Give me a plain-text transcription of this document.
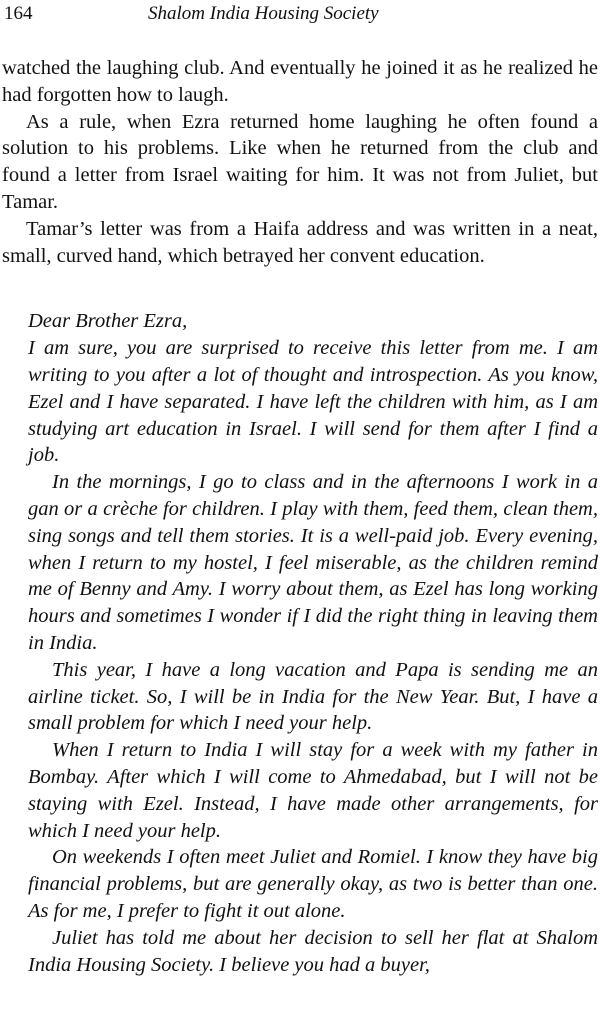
164	Shalom India Housing Society

watched the laughing club. And eventually he joined it as he realized he had forgotten how to laugh.

As a rule, when Ezra returned home laughing he often found a solution to his problems. Like when he returned from the club and found a letter from Israel waiting for him. It was not from Juliet, but Tamar.

Tamar’s letter was from a Haifa address and was written in a neat, small, curved hand, which betrayed her convent education.

Dear Brother Ezra,

I am sure, you are surprised to receive this letter from me. I am writing to you after a lot of thought and introspection. As you know, Ezel and I have separated. I have left the children with him, as I am studying art education in Israel. I will send for them after I find a job.

In the mornings, I go to class and in the afternoons I work in a gan or a crèche for children. I play with them, feed them, clean them, sing songs and tell them stories. It is a well-paid job. Every evening, when I return to my hostel, I feel miserable, as the children remind me of Benny and Amy. I worry about them, as Ezel has long working hours and sometimes I wonder if I did the right thing in leaving them in India.

This year, I have a long vacation and Papa is sending me an airline ticket. So, I will be in India for the New Year. But, I have a small problem for which I need your help.

When I return to India I will stay for a week with my father in Bombay. After which I will come to Ahmedabad, but I will not be staying with Ezel. Instead, I have made other arrangements, for which I need your help.

On weekends I often meet Juliet and Romiel. I know they have big financial problems, but are generally okay, as two is better than one. As for me, I prefer to fight it out alone.

Juliet has told me about her decision to sell her flat at Shalom India Housing Society. I believe you had a buyer,
